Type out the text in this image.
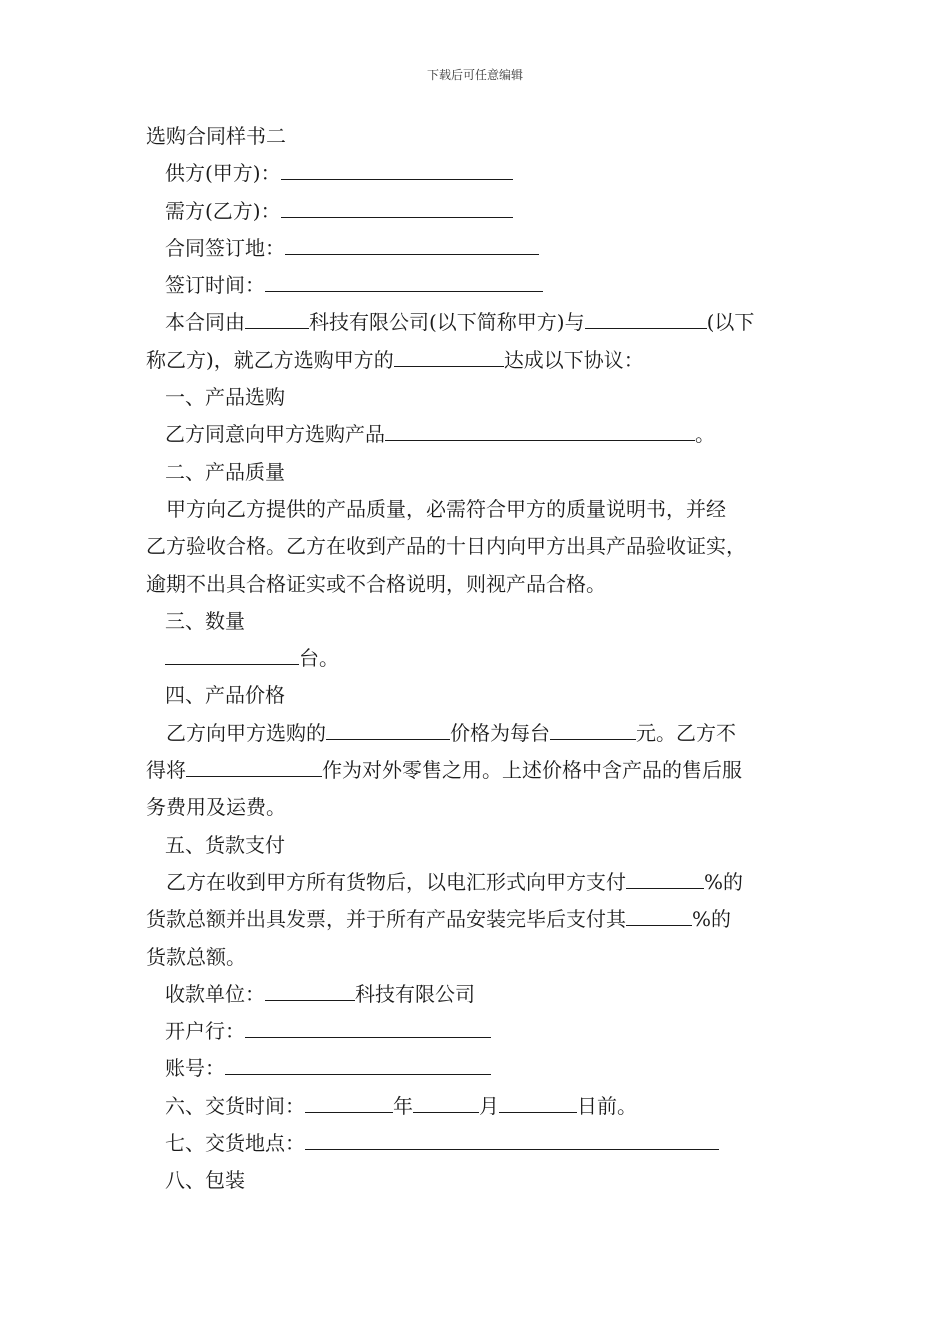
下载后可任意编辑
选购合同样书二
供方(甲方)：
需方(乙方)：
合同签订地：
签订时间：
本合同由	科技有限公司(以下简称甲方)与	(以下
称乙方)，就乙方选购甲方的	达成以下协议：
一、产品选购
乙方同意向甲方选购产品	。
二、产品质量
甲方向乙方提供的产品质量，必需符合甲方的质量说明书，并经
乙方验收合格。乙方在收到产品的十日内向甲方出具产品验收证实，
逾期不出具合格证实或不合格说明，则视产品合格。
三、数量
台。
四、产品价格
乙方向甲方选购的	价格为每台	元。乙方不
得将	作为对外零售之用。上述价格中含产品的售后服
务费用及运费。
五、货款支付
乙方在收到甲方所有货物后，以电汇形式向甲方支付	%的
货款总额并出具发票，并于所有产品安装完毕后支付其	%的
货款总额。
收款单位：	科技有限公司
开户行：
账号：
六、交货时间：	年	月	日前。
七、交货地点：
八、包装
